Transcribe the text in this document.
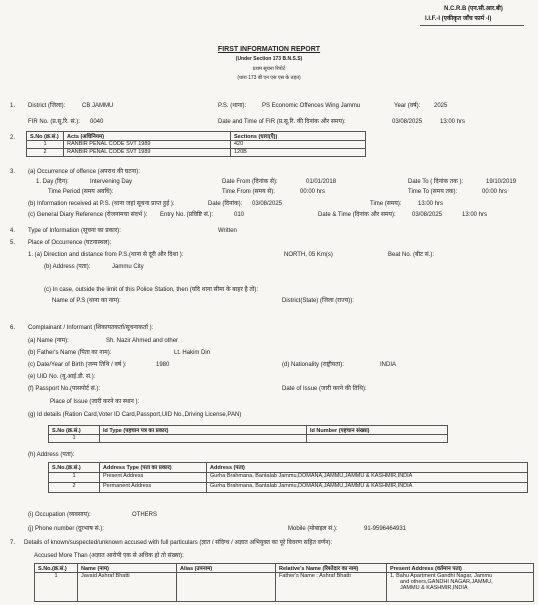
N.C.R.B (एन.सी.आर.बी)
I.I.F.-I (एकीकृत जाँच फार्म -I)
FIRST INFORMATION REPORT
(Under Section 173 B.N.S.S)
प्रथम सूचना रिपोर्ट
(धारा 173 बी एन एस एस के तहत)
1. District (जिला):	CB JAMMU	P.S. (थाना):	PS Economic Offences Wing Jammu	Year (वर्ष): 2025
FIR No. (प्र.सू.रि. सं.): 0040	Date and Time of FIR (प्र.सू.रि. की दिनांक और समय):	03/08/2025	13:00 hrs
2.	S.No (क्र.सं.)	Acts (अधिनियम)	Sections (धारा(एँ))
1	RANBIR PENAL CODE SVT 1989	420
2	RANBIR PENAL CODE SVT 1989	120B
3. (a) Occurrence of offence (अपराध की घटना):
1. Day (दिन):	Intervening Day	Date From (दिनांक से):	01/01/2018	Date To ( दिनांक तक ):	19/10/2019
Time Period (समय अवधि):	Time From (समय से):	00:00 hrs	Time To (समय तक):	00:00 hrs
(b) Information received at P.S. (थाना जहां सूचना प्राप्त हुई ):	Date (दिनांक): 03/08/2025	Time (समय):	13:00 hrs
(c) General Diary Reference (रोजनामचा संदर्भ ): Entry No. (प्रविष्टि सं.):	010	Date & Time (दिनांक और समय):	03/08/2025	13:00 hrs
4. Type of Information (सूचना का प्रकार):	Written
5. Place of Occurrence (घटनास्थल):
1. (a) Direction and distance from P.S.(थाना से दूरी और दिशा ):	NORTH, 05 Km(s)	Beat No. (बीट सं.):
(b) Address (पता):	Jammu City
(c) In case, outside the limit of this Police Station, then (यदि थाना सीमा के बाहर है तो):
Name of P.S (थाना का नाम):	District(State) (जिला (राज्य)):
6. Complainant / Informant (शिकायतकर्ता/सूचनाकर्ता ):
(a) Name (नाम):	Sh. Nazir Ahmed and other
(b) Father's Name (पिता का नाम):	Lt. Hakim Din
(c) Date/Year of Birth (जन्म तिथि / वर्ष ):	1980	(d) Nationality (राष्ट्रीयता):	INDIA
(e) UID No. (यू.आई.डी. सं.):
(f) Passport No.(पासपोर्ट सं.):	Date of Issue (जारी करने की तिथि):
Place of Issue (जारी करने का स्थान ):
(g) Id details (Ration Card,Voter ID Card,Passport,UID No.,Driving License,PAN)
S.No (क्र.सं.)	Id Type (पहचान पत्र का प्रकार)	Id Number (पहचान संख्या)
1		
(h) Address (पता):
S.No.(क्र.सं.)	Address Type (पता का प्रकार)	Address (पता)
1	Present Address	Gurha Brahmana, Bantalab Jammu,DOMANA,JAMMU,JAMMU & KASHMIR,INDIA
2	Permanent Address	Gurha Brahmana, Bantalab Jammu,DOMANA,JAMMU,JAMMU & KASHMIR,INDIA
(i) Occupation (व्यवसाय):	OTHERS
(j) Phone number (दूरभाष सं.):	Mobile (मोबाइल सं.):	91-9596464931
7. Details of known/suspected/unknown accused with full particulars (ज्ञात / संदिग्ध / अज्ञात अभियुक्त का पूरे विवरण सहित वर्णन):
Accused More Than (अज्ञात आरोपी एक से अधिक हो तो संख्या):
S.No.(क्र.सं.)	Name (नाम)	Alias (उपनाम)	Relative's Name (रिश्तेदार का नाम)	Present Address (वर्तमान पता)
1	Javaid Ashraf Bhatti		Father's Name : Ashraf Bhatti	1. Bahu Apartment Gandhi Nagar, Jammu
and others,GANDHI NAGAR,JAMMU,
JAMMU & KASHMIR,INDIA
